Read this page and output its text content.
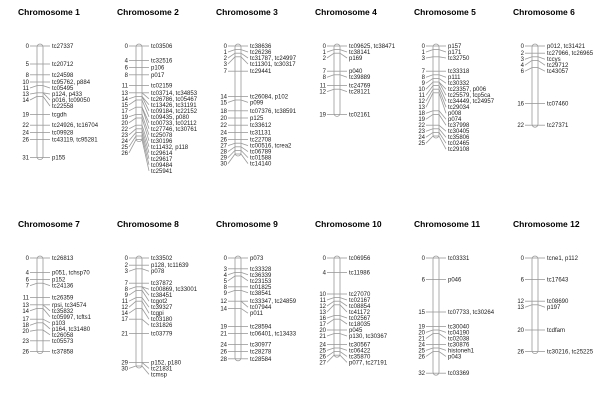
Chromosome 1
0
5
8
10
11
13
14
19
22
24
26
31
tc27337
tc20712
tc24598
tc95762, p884
tc05495
p124, p433
p016, tc09050
tc22558
tcgdh
tc24926, tc16704
tc09928
tc43119, tc95281
p155
Chromosome 2
0
4
6
8
11
13
14
15
17
19
20
22
23
24
25
26
tc03506
tc32516
p106
p017
tc02159
tc03714, tc34853
tc26786, tc05467
tc13426, tc31191
tc09184, tc22152
tc09435, p080
tc00733, tc02112
tc27746, tc30761
tc25078
tc30196
tc11432, p118
tc29614
tc29617
tc09484
tc25941
Chromosome 3
0
1
2
3
7
14
15
18
20
22
24
26
27
28
29
30
tc38636
tc26236
tc31787, tc24997
tc11301, tc30317
tc29441
tc26084, p102
p099
tc07376, tc38591
p125
tc33612
tc31131
tc22708
tc00516, tcrea2
tc06789
tc01588
tc14140
Chromosome 4
0
1
2
7
8
11
12
19
tc09625, tc38471
tc38141
p169
p040
tc39889
tc24769
tc28121
tc02161
Chromosome 5
0
1
3
7
8
9
10
11
12
13
18
19
22
23
24
25
p157
p171
tc32750
tc33318
p111
tc30332
tc23357, p006
tc25579, tcp5ca
tc34449, tc24957
tc29034
p008
p074
tc37998
tc30405
tc35806
tc02465
tc29108
Chromosome 6
0
2
3
4
6
16
22
p012, tc31421
tc27966, tc26965
tccys
tc29712
tc43057
tc07460
tc27371
Chromosome 7
0
4
6
7
11
13
14
17
18
20
23
26
tc26813
p051, tchsp70
p152
tc24136
tc26359
rpsi, tc34574
tc35832
tc05997, tcfts1
p103
p164, tc31480
tc26058
tc05573
tc37858
Chromosome 8
0
2
3
7
8
9
11
12
14
17
21
29
30
tc33502
p128, tc11639
p078
tc37872
tc00869, tc33001
tc38451
tcgot2
tc39327
tcgpi
tc03180
tc31826
tc03779
p152, p180
tc21831
tcmsp
Chromosome 9
0
3
4
5
8
9
12
14
19
21
24
26
28
p073
tc33328
tc36339
tc23153
tc01825
tc38541
tc33347, tc24859
tc07944
p011
tc28594
tc06401, tc13433
tc30977
tc28278
tc28584
Chromosome 10
0
4
10
11
12
13
16
17
20
21
24
25
26
27
tc06956
tc11986
tc27070
tc02167
tc08854
tc41172
tc02567
tc18035
p045
p130, tc30367
tc30567
tc06422
tc35870
p077, tc27191
Chromosome 11
0
6
15
19
20
21
24
25
26
32
tc03331
p046
tc07733, tc30264
tc30040
tc04190
tc02038
tc30876
histoneh1
p043
tc03369
Chromosome 12
0
6
12
13
20
26
tcne1, p112
tc17643
tc08690
p197
tcdfam
tc30216, tc25225
